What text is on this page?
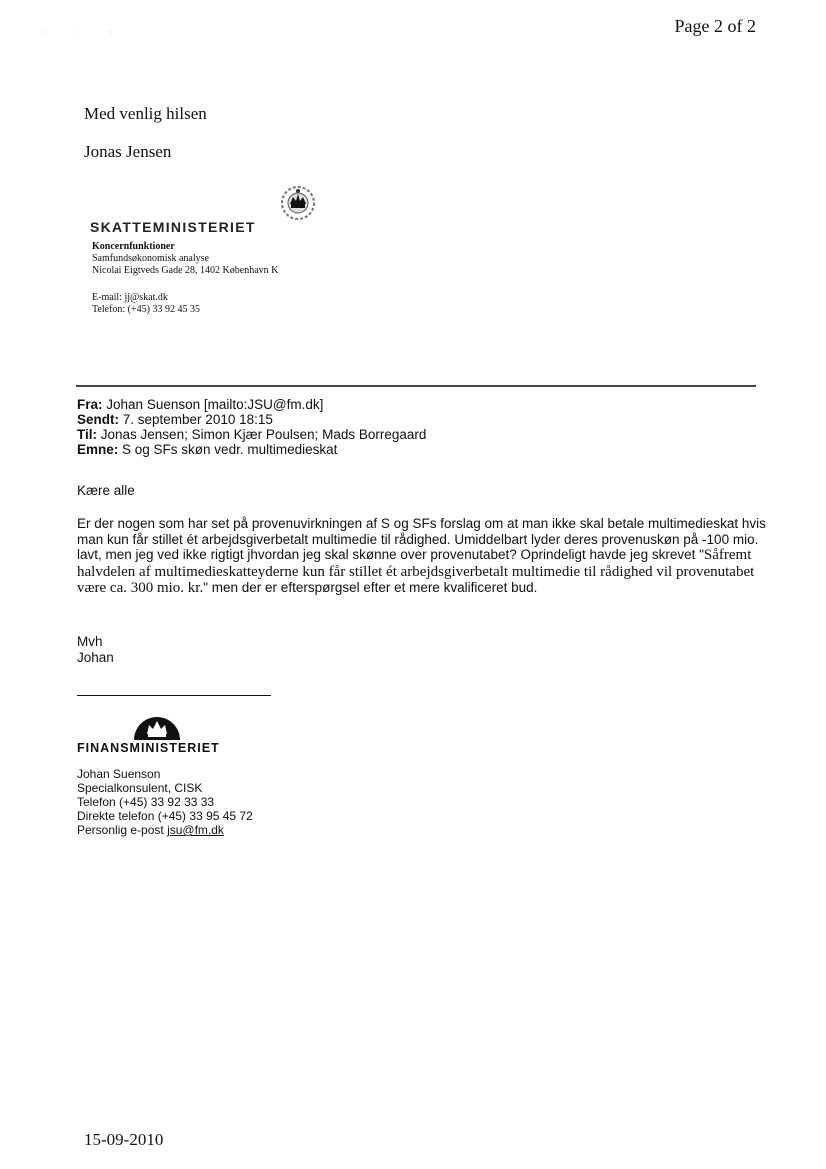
Page 2 of 2
· · ·
Med venlig hilsen
Jonas Jensen
SKATTEMINISTERIET
Koncernfunktioner
Samfundsøkonomisk analyse
Nicolai Eigtveds Gade 28, 1402 København K
E-mail: jj@skat.dk
Telefon: (+45) 33 92 45 35
Fra: Johan Suenson [mailto:JSU@fm.dk]
Sendt: 7. september 2010 18:15
Til: Jonas Jensen; Simon Kjær Poulsen; Mads Borregaard
Emne: S og SFs skøn vedr. multimedieskat
Kære alle
Er der nogen som har set på provenuvirkningen af S og SFs forslag om at man ikke skal betale multimedieskat hvis man kun får stillet ét arbejdsgiverbetalt multimedie til rådighed. Umiddelbart lyder deres provenuskøn på -100 mio. lavt, men jeg ved ikke rigtigt jhvordan jeg skal skønne over provenutabet? Oprindeligt havde jeg skrevet "Såfremt halvdelen af multimedieskatteyderne kun får stillet ét arbejdsgiverbetalt multimedie til rådighed vil provenutabet være ca. 300 mio. kr." men der er efterspørgsel efter et mere kvalificeret bud.
Mvh
Johan
FINANSMINISTERIET
Johan Suenson
Specialkonsulent, CISK
Telefon (+45) 33 92 33 33
Direkte telefon (+45) 33 95 45 72
Personlig e-post jsu@fm.dk
15-09-2010
